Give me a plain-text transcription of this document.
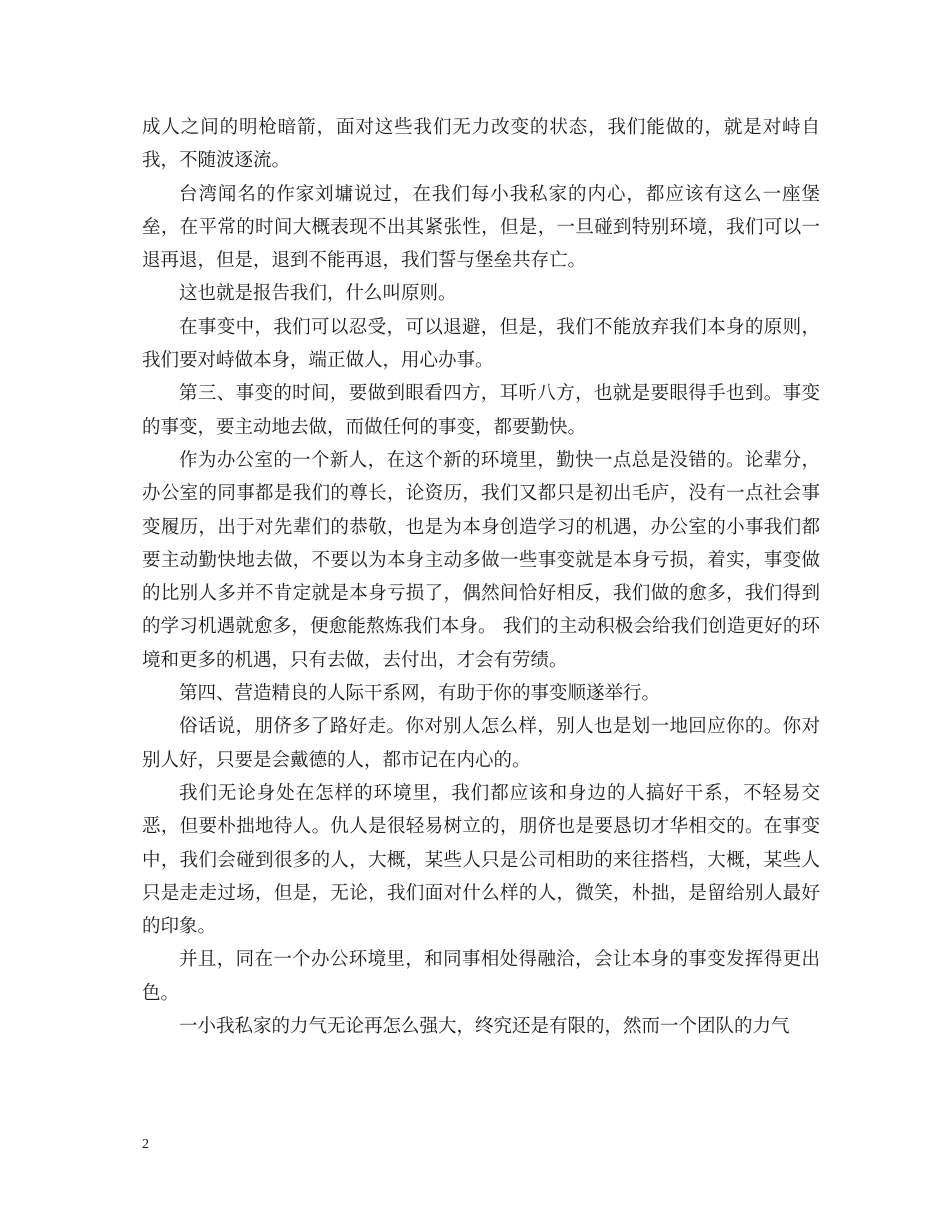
成人之间的明枪暗箭，面对这些我们无力改变的状态，我们能做的，就是对峙自我，不随波逐流。

台湾闻名的作家刘墉说过，在我们每小我私家的内心，都应该有这么一座堡垒，在平常的时间大概表现不出其紧张性，但是，一旦碰到特别环境，我们可以一退再退，但是，退到不能再退，我们誓与堡垒共存亡。

这也就是报告我们，什么叫原则。

在事变中，我们可以忍受，可以退避，但是，我们不能放弃我们本身的原则，我们要对峙做本身，端正做人，用心办事。

第三、事变的时间，要做到眼看四方，耳听八方，也就是要眼得手也到。事变的事变，要主动地去做，而做任何的事变，都要勤快。

作为办公室的一个新人，在这个新的环境里，勤快一点总是没错的。论辈分，办公室的同事都是我们的尊长，论资历，我们又都只是初出毛庐，没有一点社会事变履历，出于对先辈们的恭敬，也是为本身创造学习的机遇，办公室的小事我们都要主动勤快地去做，不要以为本身主动多做一些事变就是本身亏损，着实，事变做的比别人多并不肯定就是本身亏损了，偶然间恰好相反，我们做的愈多，我们得到的学习机遇就愈多，便愈能熬炼我们本身。 我们的主动积极会给我们创造更好的环境和更多的机遇，只有去做，去付出，才会有劳绩。

第四、营造精良的人际干系网，有助于你的事变顺遂举行。

俗话说，朋侪多了路好走。你对别人怎么样，别人也是划一地回应你的。你对别人好，只要是会戴德的人，都市记在内心的。

我们无论身处在怎样的环境里，我们都应该和身边的人搞好干系，不轻易交恶，但要朴拙地待人。仇人是很轻易树立的，朋侪也是要恳切才华相交的。在事变中，我们会碰到很多的人，大概，某些人只是公司相助的来往搭档，大概，某些人只是走走过场，但是，无论，我们面对什么样的人，微笑，朴拙，是留给别人最好的印象。

并且，同在一个办公环境里，和同事相处得融洽，会让本身的事变发挥得更出色。

一小我私家的力气无论再怎么强大，终究还是有限的，然而一个团队的力气

2
